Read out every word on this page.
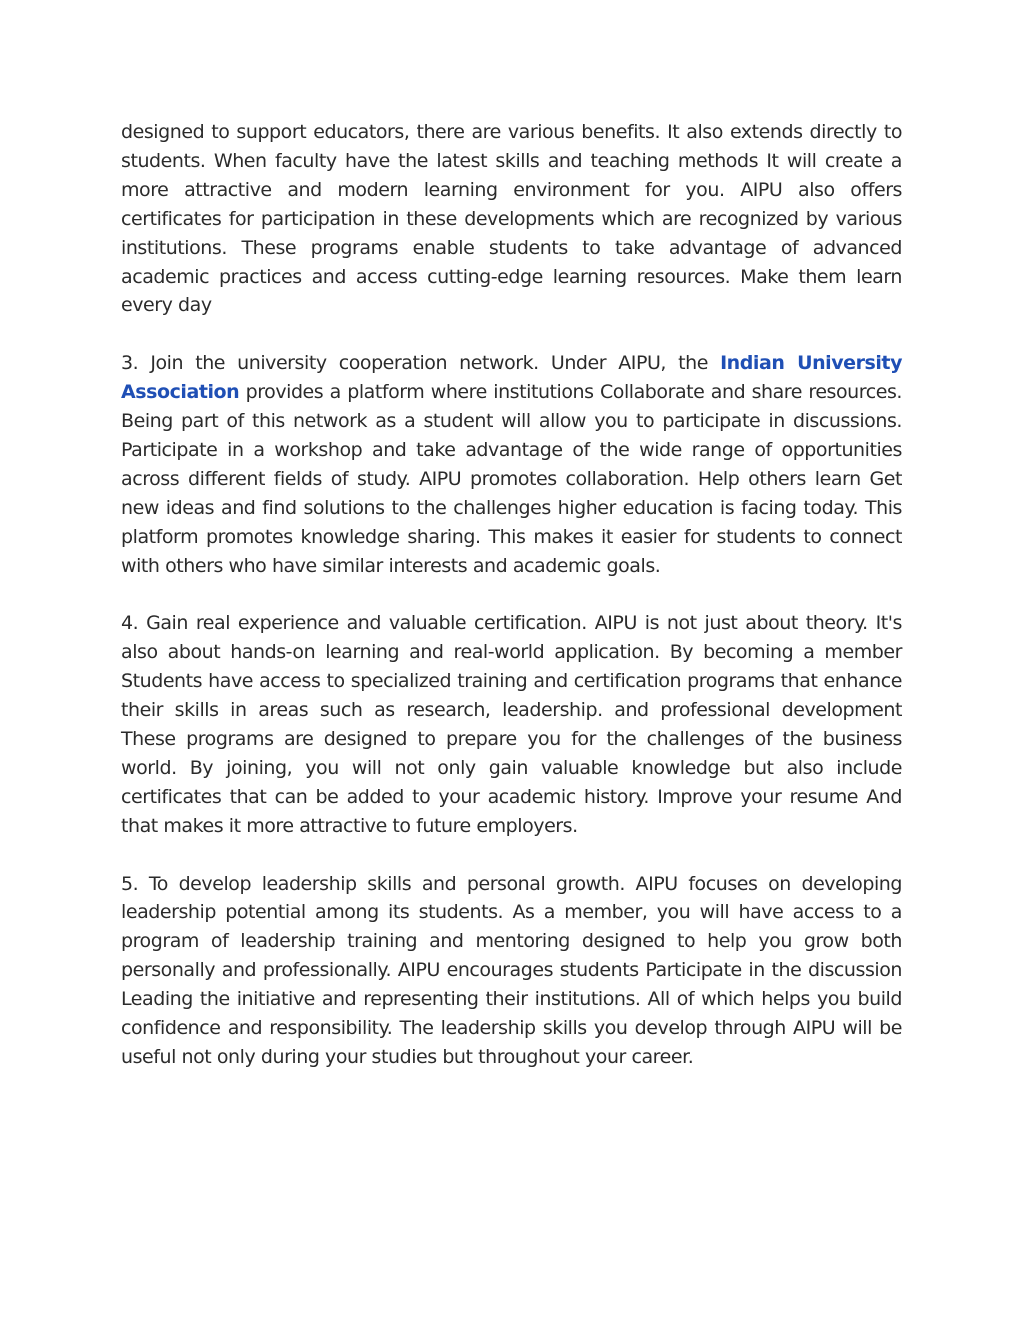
designed to support educators, there are various benefits. It also extends directly to students. When faculty have the latest skills and teaching methods It will create a more attractive and modern learning environment for you. AIPU also offers certificates for participation in these developments which are recognized by various institutions. These programs enable students to take advantage of advanced academic practices and access cutting-edge learning resources. Make them learn every day

3. Join the university cooperation network. Under AIPU, the Indian University Association provides a platform where institutions Collaborate and share resources. Being part of this network as a student will allow you to participate in discussions. Participate in a workshop and take advantage of the wide range of opportunities across different fields of study. AIPU promotes collaboration. Help others learn Get new ideas and find solutions to the challenges higher education is facing today. This platform promotes knowledge sharing. This makes it easier for students to connect with others who have similar interests and academic goals.

4. Gain real experience and valuable certification. AIPU is not just about theory. It's also about hands-on learning and real-world application. By becoming a member Students have access to specialized training and certification programs that enhance their skills in areas such as research, leadership. and professional development These programs are designed to prepare you for the challenges of the business world. By joining, you will not only gain valuable knowledge but also include certificates that can be added to your academic history. Improve your resume And that makes it more attractive to future employers.

5. To develop leadership skills and personal growth. AIPU focuses on developing leadership potential among its students. As a member, you will have access to a program of leadership training and mentoring designed to help you grow both personally and professionally. AIPU encourages students Participate in the discussion Leading the initiative and representing their institutions. All of which helps you build confidence and responsibility. The leadership skills you develop through AIPU will be useful not only during your studies but throughout your career.
